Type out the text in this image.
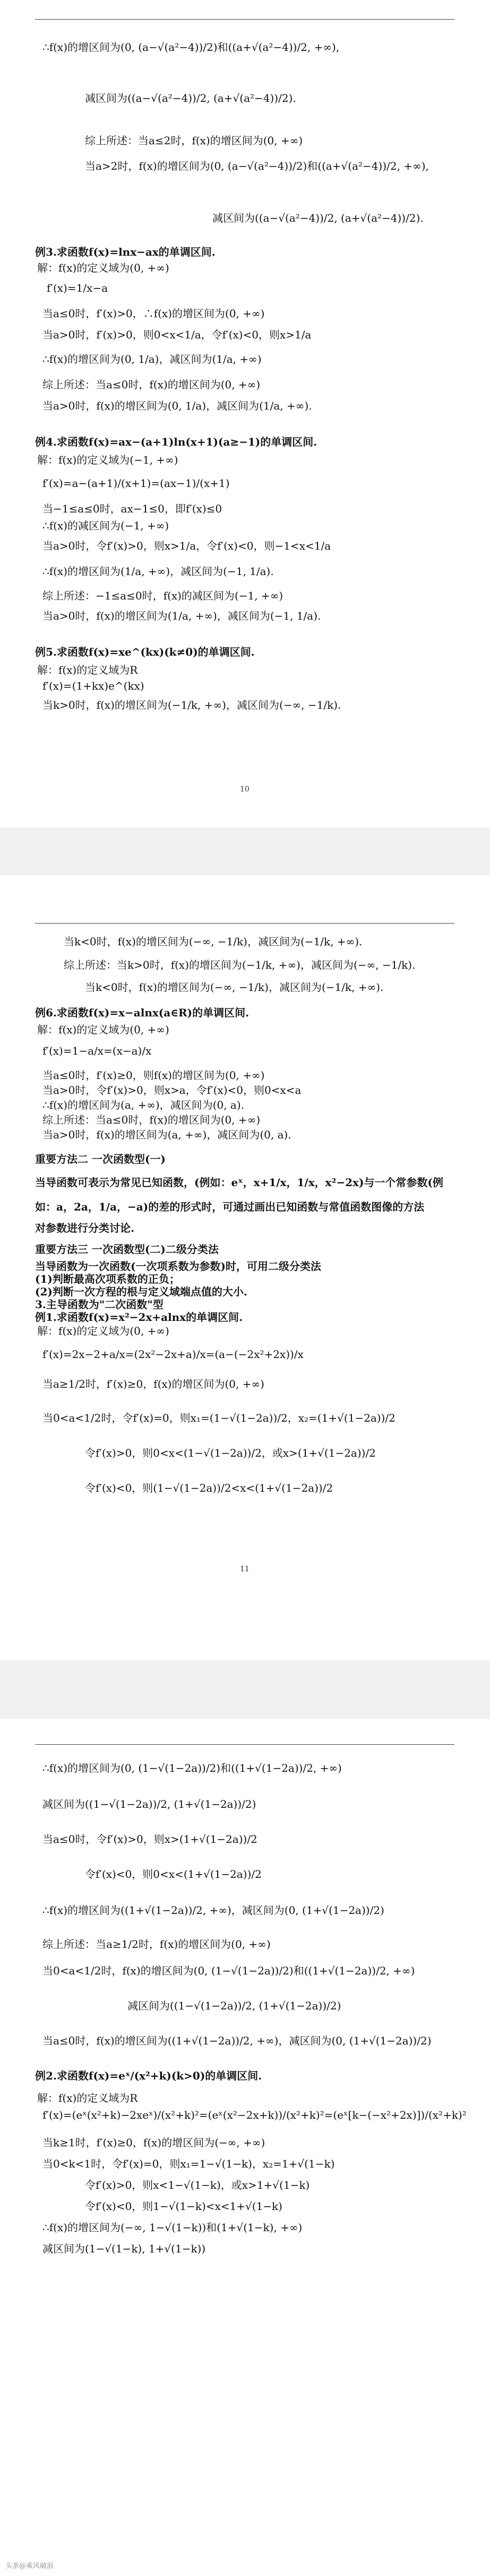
∴f(x)的增区间为(0, (a−√(a²−4))/2)和((a+√(a²−4))/2, +∞),
减区间为((a−√(a²−4))/2, (a+√(a²−4))/2).
综上所述：当a≤2时，f(x)的增区间为(0, +∞)
当a>2时，f(x)的增区间为(0, (a−√(a²−4))/2)和((a+√(a²−4))/2, +∞),
减区间为((a−√(a²−4))/2, (a+√(a²−4))/2).
例3.求函数f(x)=lnx−ax的单调区间.
解：f(x)的定义域为(0, +∞)
f′(x)=1/x−a
当a≤0时，f′(x)>0，∴f(x)的增区间为(0, +∞)
当a>0时，f′(x)>0，则0<x<1/a，令f′(x)<0，则x>1/a
∴f(x)的增区间为(0, 1/a)，减区间为(1/a, +∞)
综上所述：当a≤0时，f(x)的增区间为(0, +∞)
当a>0时，f(x)的增区间为(0, 1/a)，减区间为(1/a, +∞).
例4.求函数f(x)=ax−(a+1)ln(x+1)(a≥−1)的单调区间.
解：f(x)的定义域为(−1, +∞)
f′(x)=a−(a+1)/(x+1)=(ax−1)/(x+1)
当−1≤a≤0时，ax−1≤0，即f′(x)≤0
∴f(x)的减区间为(−1, +∞)
当a>0时，令f′(x)>0，则x>1/a，令f′(x)<0，则−1<x<1/a
∴f(x)的增区间为(1/a, +∞)，减区间为(−1, 1/a).
综上所述：−1≤a≤0时，f(x)的减区间为(−1, +∞)
当a>0时，f(x)的增区间为(1/a, +∞)，减区间为(−1, 1/a).
例5.求函数f(x)=xe^(kx)(k≠0)的单调区间.
解：f(x)的定义域为R
f′(x)=(1+kx)e^(kx)
当k>0时，f(x)的增区间为(−1/k, +∞)，减区间为(−∞, −1/k).
10
当k<0时，f(x)的增区间为(−∞, −1/k)，减区间为(−1/k, +∞).
综上所述：当k>0时，f(x)的增区间为(−1/k, +∞)，减区间为(−∞, −1/k).
当k<0时，f(x)的增区间为(−∞, −1/k)，减区间为(−1/k, +∞).
例6.求函数f(x)=x−alnx(a∈R)的单调区间.
解：f(x)的定义域为(0, +∞)
f′(x)=1−a/x=(x−a)/x
当a≤0时，f′(x)≥0，则f(x)的增区间为(0, +∞)
当a>0时，令f′(x)>0，则x>a，令f′(x)<0，则0<x<a
∴f(x)的增区间为(a, +∞)，减区间为(0, a).
综上所述：当a≤0时，f(x)的增区间为(0, +∞)
当a>0时，f(x)的增区间为(a, +∞)，减区间为(0, a).
重要方法二 一次函数型(一)
当导函数可表示为常见已知函数，(例如：eˣ，x+1/x，1/x，x²−2x)与一个常参数(例
如：a，2a，1/a，−a)的差的形式时，可通过画出已知函数与常值函数图像的方法
对参数进行分类讨论.
重要方法三 一次函数型(二)二级分类法
当导函数为一次函数(一次项系数为参数)时，可用二级分类法
(1)判断最高次项系数的正负；
(2)判断一次方程的根与定义域端点值的大小.
3.主导函数为"二次函数"型
例1.求函数f(x)=x²−2x+alnx的单调区间.
解：f(x)的定义域为(0, +∞)
f′(x)=2x−2+a/x=(2x²−2x+a)/x=(a−(−2x²+2x))/x
当a≥1/2时，f′(x)≥0，f(x)的增区间为(0, +∞)
当0<a<1/2时，令f′(x)=0，则x₁=(1−√(1−2a))/2，x₂=(1+√(1−2a))/2
令f′(x)>0，则0<x<(1−√(1−2a))/2，或x>(1+√(1−2a))/2
令f′(x)<0，则(1−√(1−2a))/2<x<(1+√(1−2a))/2
11
∴f(x)的增区间为(0, (1−√(1−2a))/2)和((1+√(1−2a))/2, +∞)
减区间为((1−√(1−2a))/2, (1+√(1−2a))/2)
当a≤0时，令f′(x)>0，则x>(1+√(1−2a))/2
令f′(x)<0，则0<x<(1+√(1−2a))/2
∴f(x)的增区间为((1+√(1−2a))/2, +∞)，减区间为(0, (1+√(1−2a))/2)
综上所述：当a≥1/2时，f(x)的增区间为(0, +∞)
当0<a<1/2时，f(x)的增区间为(0, (1−√(1−2a))/2)和((1+√(1−2a))/2, +∞)
减区间为((1−√(1−2a))/2, (1+√(1−2a))/2)
当a≤0时，f(x)的增区间为((1+√(1−2a))/2, +∞)，减区间为(0, (1+√(1−2a))/2)
例2.求函数f(x)=eˣ/(x²+k)(k>0)的单调区间.
解：f(x)的定义域为R
f′(x)=(eˣ(x²+k)−2xeˣ)/(x²+k)²=(eˣ(x²−2x+k))/(x²+k)²=(eˣ[k−(−x²+2x)])/(x²+k)²
当k≥1时，f′(x)≥0，f(x)的增区间为(−∞, +∞)
当0<k<1时，令f′(x)=0，则x₁=1−√(1−k)，x₂=1+√(1−k)
令f′(x)>0，则x<1−√(1−k)，或x>1+√(1−k)
令f′(x)<0，则1−√(1−k)<x<1+√(1−k)
∴f(x)的增区间为(−∞, 1−√(1−k))和(1+√(1−k), +∞)
减区间为(1−√(1−k), 1+√(1−k))
头条@乘风破浪
